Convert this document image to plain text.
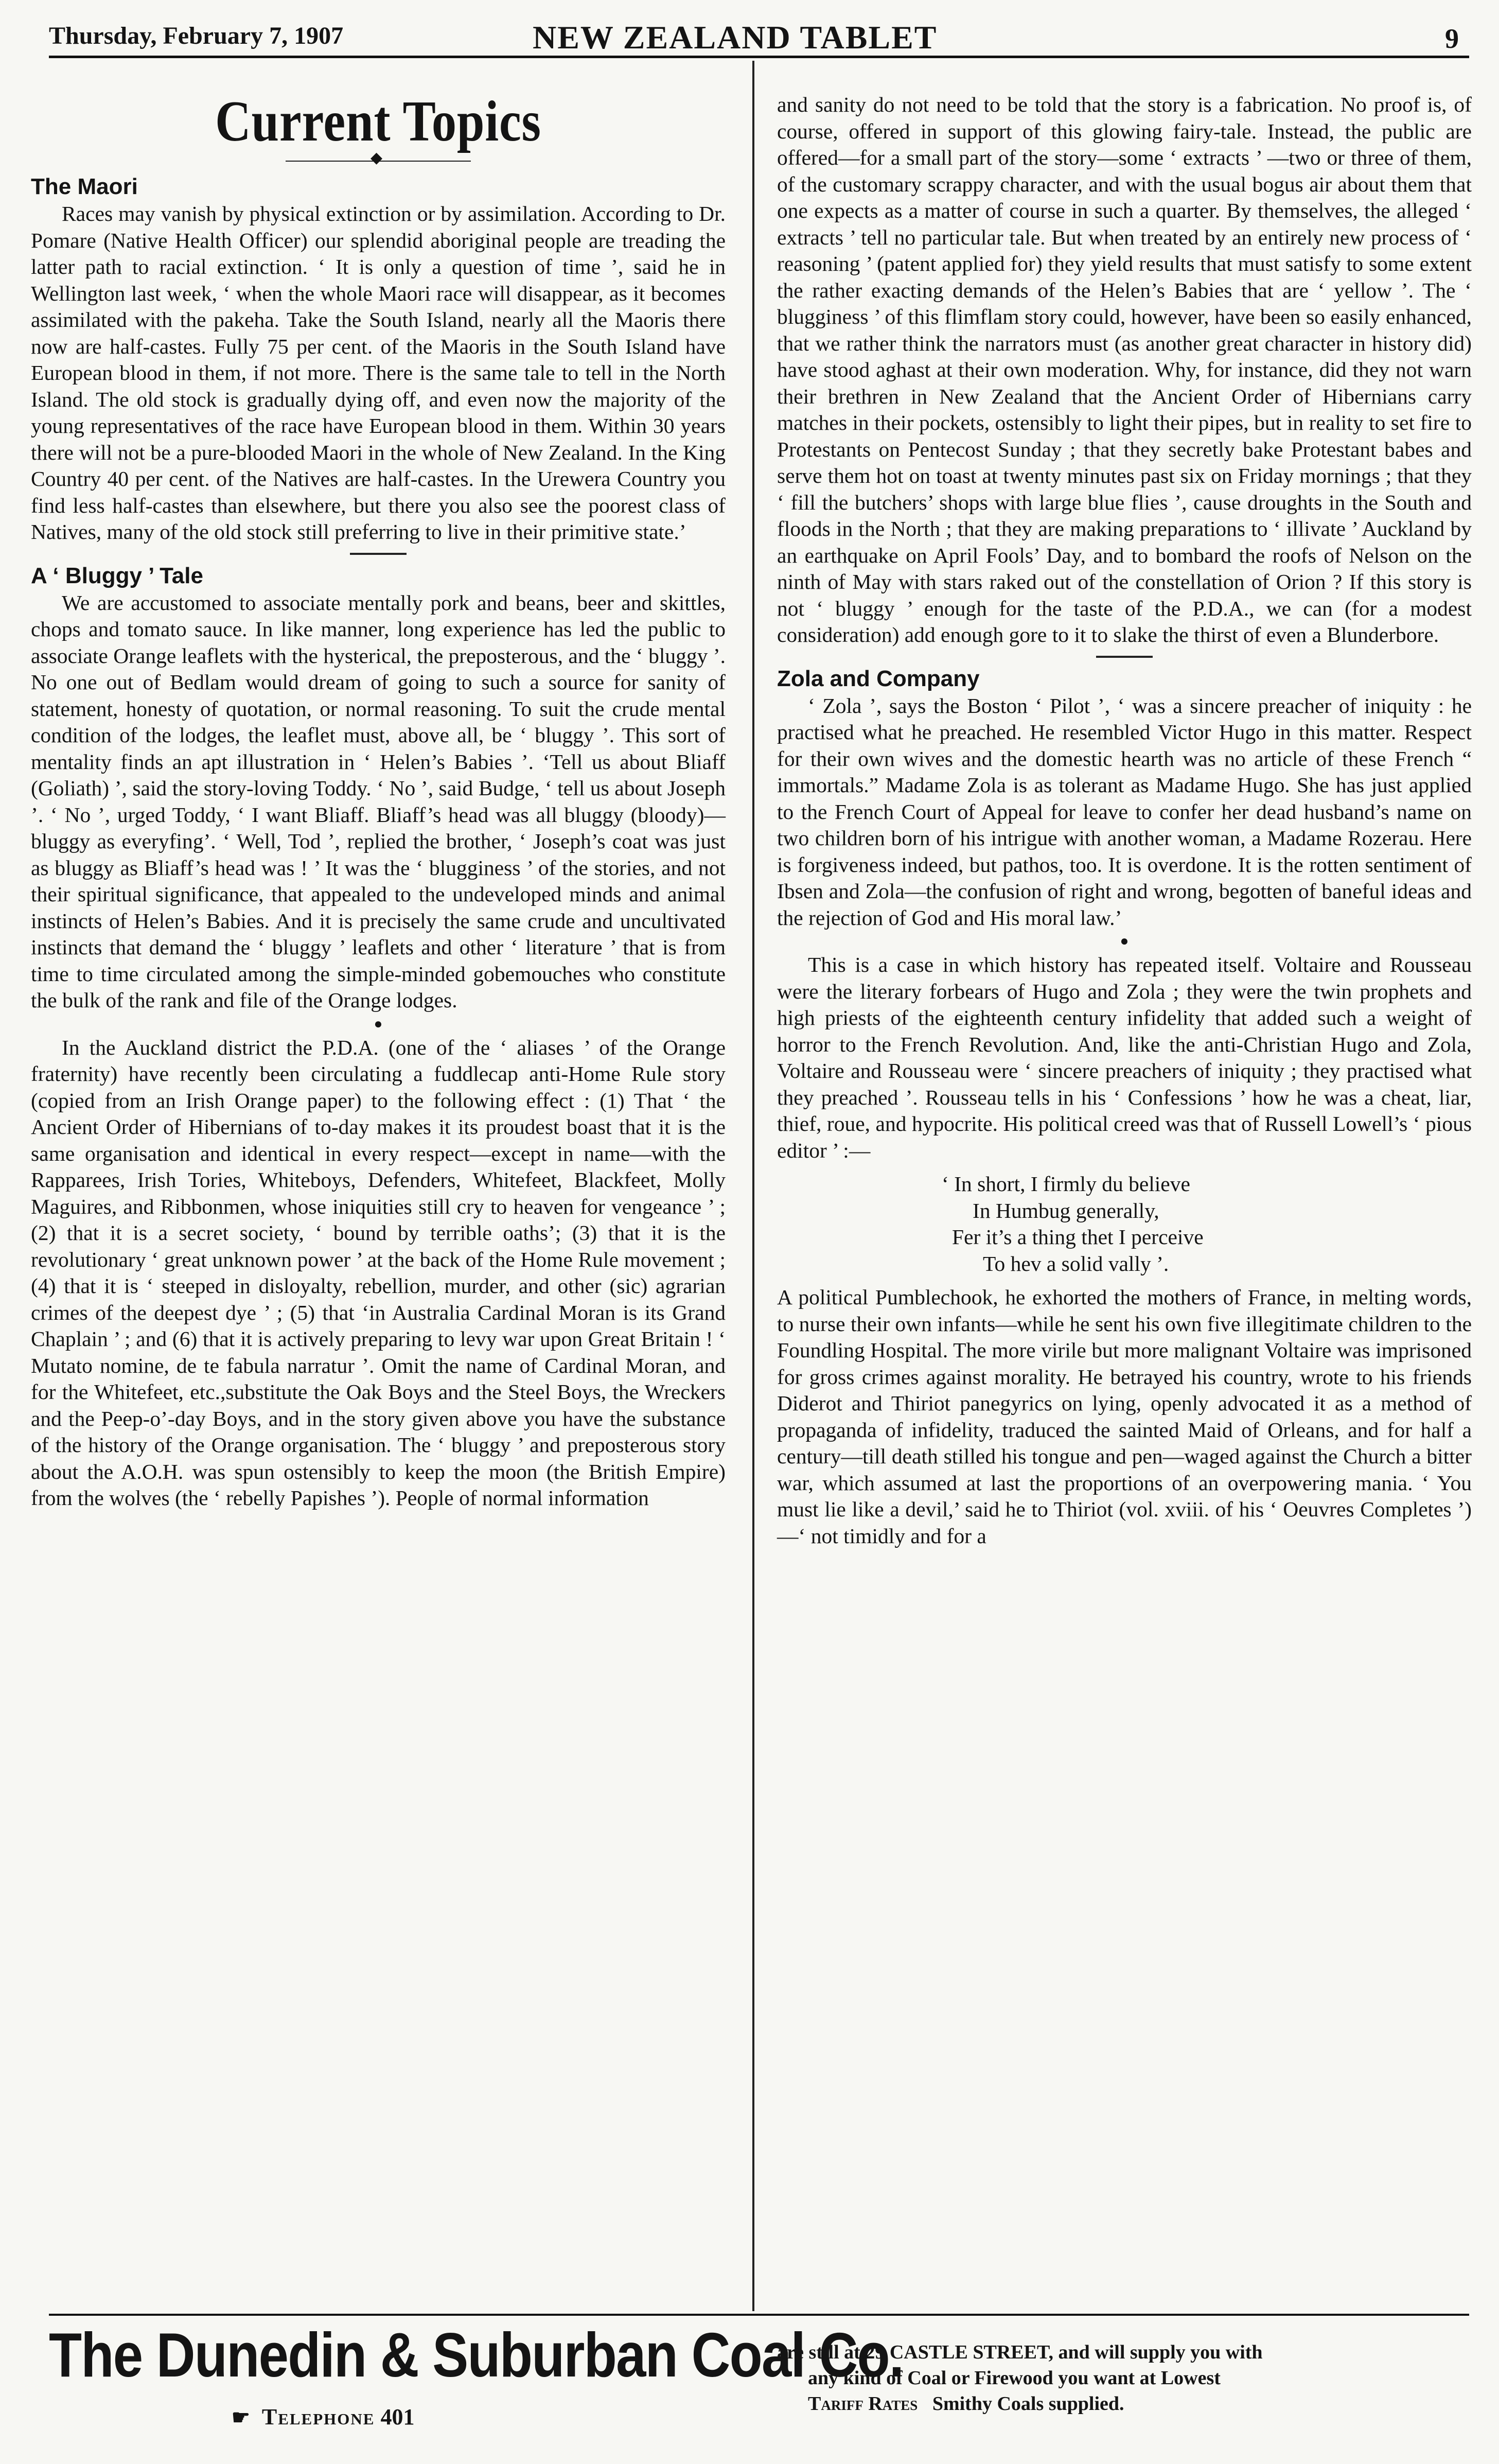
Thursday, February 7, 1907	NEW ZEALAND TABLET	9
Current Topics
◆
The Maori

Races may vanish by physical extinction or by assimilation. According to Dr. Pomare (Native Health Officer) our splendid aboriginal people are treading the latter path to racial extinction. ‘ It is only a question of time ’, said he in Wellington last week, ‘ when the whole Maori race will disappear, as it becomes assimilated with the pakeha. Take the South Island, nearly all the Maoris there now are half-castes. Fully 75 per cent. of the Maoris in the South Island have European blood in them, if not more. There is the same tale to tell in the North Island. The old stock is gradually dying off, and even now the majority of the young representatives of the race have European blood in them. Within 30 years there will not be a pure-blooded Maori in the whole of New Zealand. In the King Country 40 per cent. of the Natives are half-castes. In the Urewera Country you find less half-castes than elsewhere, but there you also see the poorest class of Natives, many of the old stock still preferring to live in their primitive state.’

A ‘ Bluggy ’ Tale

We are accustomed to associate mentally pork and beans, beer and skittles, chops and tomato sauce. In like manner, long experience has led the public to associate Orange leaflets with the hysterical, the preposterous, and the ‘ bluggy ’. No one out of Bedlam would dream of going to such a source for sanity of statement, honesty of quotation, or normal reasoning. To suit the crude mental condition of the lodges, the leaflet must, above all, be ‘ bluggy ’. This sort of mentality finds an apt illustration in ‘ Helen’s Babies ’. ‘Tell us about Bliaff (Goliath) ’, said the story-loving Toddy. ‘ No ’, said Budge, ‘ tell us about Joseph ’. ‘ No ’, urged Toddy, ‘ I want Bliaff. Bliaff’s head was all bluggy (bloody)—bluggy as everyfing’. ‘ Well, Tod ’, replied the brother, ‘ Joseph’s coat was just as bluggy as Bliaff’s head was ! ’ It was the ‘ blugginess ’ of the stories, and not their spiritual significance, that appealed to the undeveloped minds and animal instincts of Helen’s Babies. And it is precisely the same crude and uncultivated instincts that demand the ‘ bluggy ’ leaflets and other ‘ literature ’ that is from time to time circulated among the simple-minded gobemouches who constitute the bulk of the rank and file of the Orange lodges.

●

In the Auckland district the P.D.A. (one of the ‘ aliases ’ of the Orange fraternity) have recently been circulating a fuddlecap anti-Home Rule story (copied from an Irish Orange paper) to the following effect : (1) That ‘ the Ancient Order of Hibernians of to-day makes it its proudest boast that it is the same organisation and identical in every respect—except in name—with the Rapparees, Irish Tories, Whiteboys, Defenders, Whitefeet, Blackfeet, Molly Maguires, and Ribbonmen, whose iniquities still cry to heaven for vengeance ’ ; (2) that it is a secret society, ‘ bound by terrible oaths’; (3) that it is the revolutionary ‘ great unknown power ’ at the back of the Home Rule movement ; (4) that it is ‘ steeped in disloyalty, rebellion, murder, and other (sic) agrarian crimes of the deepest dye ’ ; (5) that ‘in Australia Cardinal Moran is its Grand Chaplain ’ ; and (6) that it is actively preparing to levy war upon Great Britain ! ‘ Mutato nomine, de te fabula narratur ’. Omit the name of Cardinal Moran, and for the Whitefeet, etc.,substitute the Oak Boys and the Steel Boys, the Wreckers and the Peep-o’-day Boys, and in the story given above you have the substance of the history of the Orange organisation. The ‘ bluggy ’ and preposterous story about the A.O.H. was spun ostensibly to keep the moon (the British Empire) from the wolves (the ‘ rebelly Papishes ’). People of normal information

and sanity do not need to be told that the story is a fabrication. No proof is, of course, offered in support of this glowing fairy-tale. Instead, the public are offered—for a small part of the story—some ‘ extracts ’ —two or three of them, of the customary scrappy character, and with the usual bogus air about them that one expects as a matter of course in such a quarter. By themselves, the alleged ‘ extracts ’ tell no particular tale. But when treated by an entirely new process of ‘ reasoning ’ (patent applied for) they yield results that must satisfy to some extent the rather exacting demands of the Helen’s Babies that are ‘ yellow ’. The ‘ blugginess ’ of this flimflam story could, however, have been so easily enhanced, that we rather think the narrators must (as another great character in history did) have stood aghast at their own moderation. Why, for instance, did they not warn their brethren in New Zealand that the Ancient Order of Hibernians carry matches in their pockets, ostensibly to light their pipes, but in reality to set fire to Protestants on Pentecost Sunday ; that they secretly bake Protestant babes and serve them hot on toast at twenty minutes past six on Friday mornings ; that they ‘ fill the butchers’ shops with large blue flies ’, cause droughts in the South and floods in the North ; that they are making preparations to ‘ illivate ’ Auckland by an earthquake on April Fools’ Day, and to bombard the roofs of Nelson on the ninth of May with stars raked out of the constellation of Orion ? If this story is not ‘ bluggy ’ enough for the taste of the P.D.A., we can (for a modest consideration) add enough gore to it to slake the thirst of even a Blunderbore.

Zola and Company

‘ Zola ’, says the Boston ‘ Pilot ’, ‘ was a sincere preacher of iniquity : he practised what he preached. He resembled Victor Hugo in this matter. Respect for their own wives and the domestic hearth was no article of these French “ immortals.” Madame Zola is as tolerant as Madame Hugo. She has just applied to the French Court of Appeal for leave to confer her dead husband’s name on two children born of his intrigue with another woman, a Madame Rozerau. Here is forgiveness indeed, but pathos, too. It is overdone. It is the rotten sentiment of Ibsen and Zola—the confusion of right and wrong, begotten of baneful ideas and the rejection of God and His moral law.’

●

This is a case in which history has repeated itself. Voltaire and Rousseau were the literary forbears of Hugo and Zola ; they were the twin prophets and high priests of the eighteenth century infidelity that added such a weight of horror to the French Revolution. And, like the anti-Christian Hugo and Zola, Voltaire and Rousseau were ‘ sincere preachers of iniquity ; they practised what they preached ’. Rousseau tells in his ‘ Confessions ’ how he was a cheat, liar, thief, roue, and hypocrite. His political creed was that of Russell Lowell’s ‘ pious editor ’ :—

‘ In short, I firmly du believe
In Humbug generally,
Fer it’s a thing thet I perceive
To hev a solid vally ’.

A political Pumblechook, he exhorted the mothers of France, in melting words, to nurse their own infants—while he sent his own five illegitimate children to the Foundling Hospital. The more virile but more malignant Voltaire was imprisoned for gross crimes against morality. He betrayed his country, wrote to his friends Diderot and Thiriot panegyrics on lying, openly advocated it as a method of propaganda of infidelity, traduced the sainted Maid of Orleans, and for half a century—till death stilled his tongue and pen—waged against the Church a bitter war, which assumed at last the proportions of an overpowering mania. ‘ You must lie like a devil,’ said he to Thiriot (vol. xviii. of his ‘ Oeuvres Completes ’)—‘ not timidly and for a

The Dunedin & Suburban Coal Co.
☛ Telephone 401
are still at 29 CASTLE STREET, and will supply you with
any kind of Coal or Firewood you want at Lowest
Tariff Rates Smithy Coals supplied.
